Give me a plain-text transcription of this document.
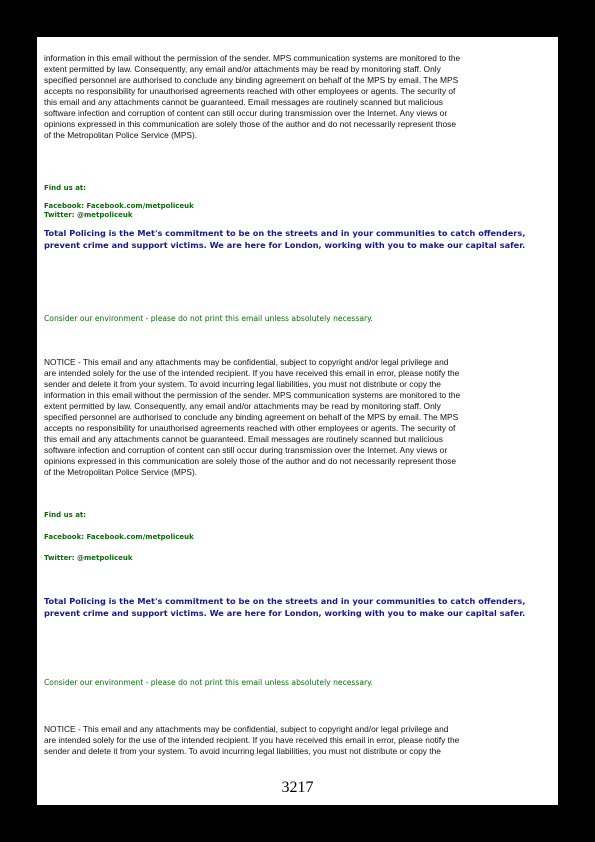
information in this email without the permission of the sender. MPS communication systems are monitored to the
extent permitted by law. Consequently, any email and/or attachments may be read by monitoring staff. Only
specified personnel are authorised to conclude any binding agreement on behalf of the MPS by email. The MPS
accepts no responsibility for unauthorised agreements reached with other employees or agents. The security of
this email and any attachments cannot be guaranteed. Email messages are routinely scanned but malicious
software infection and corruption of content can still occur during transmission over the Internet. Any views or
opinions expressed in this communication are solely those of the author and do not necessarily represent those
of the Metropolitan Police Service (MPS).

Find us at:

Facebook: Facebook.com/metpoliceuk

Twitter: @metpoliceuk

Total Policing is the Met's commitment to be on the streets and in your communities to catch offenders,
prevent crime and support victims. We are here for London, working with you to make our capital safer.

Consider our environment - please do not print this email unless absolutely necessary.

NOTICE - This email and any attachments may be confidential, subject to copyright and/or legal privilege and
are intended solely for the use of the intended recipient. If you have received this email in error, please notify the
sender and delete it from your system. To avoid incurring legal liabilities, you must not distribute or copy the
information in this email without the permission of the sender. MPS communication systems are monitored to the
extent permitted by law. Consequently, any email and/or attachments may be read by monitoring staff. Only
specified personnel are authorised to conclude any binding agreement on behalf of the MPS by email. The MPS
accepts no responsibility for unauthorised agreements reached with other employees or agents. The security of
this email and any attachments cannot be guaranteed. Email messages are routinely scanned but malicious
software infection and corruption of content can still occur during transmission over the Internet. Any views or
opinions expressed in this communication are solely those of the author and do not necessarily represent those
of the Metropolitan Police Service (MPS).

Find us at:

Facebook: Facebook.com/metpoliceuk

Twitter: @metpoliceuk

Total Policing is the Met's commitment to be on the streets and in your communities to catch offenders,
prevent crime and support victims. We are here for London, working with you to make our capital safer.

Consider our environment - please do not print this email unless absolutely necessary.

NOTICE - This email and any attachments may be confidential, subject to copyright and/or legal privilege and
are intended solely for the use of the intended recipient. If you have received this email in error, please notify the
sender and delete it from your system. To avoid incurring legal liabilities, you must not distribute or copy the

3217
